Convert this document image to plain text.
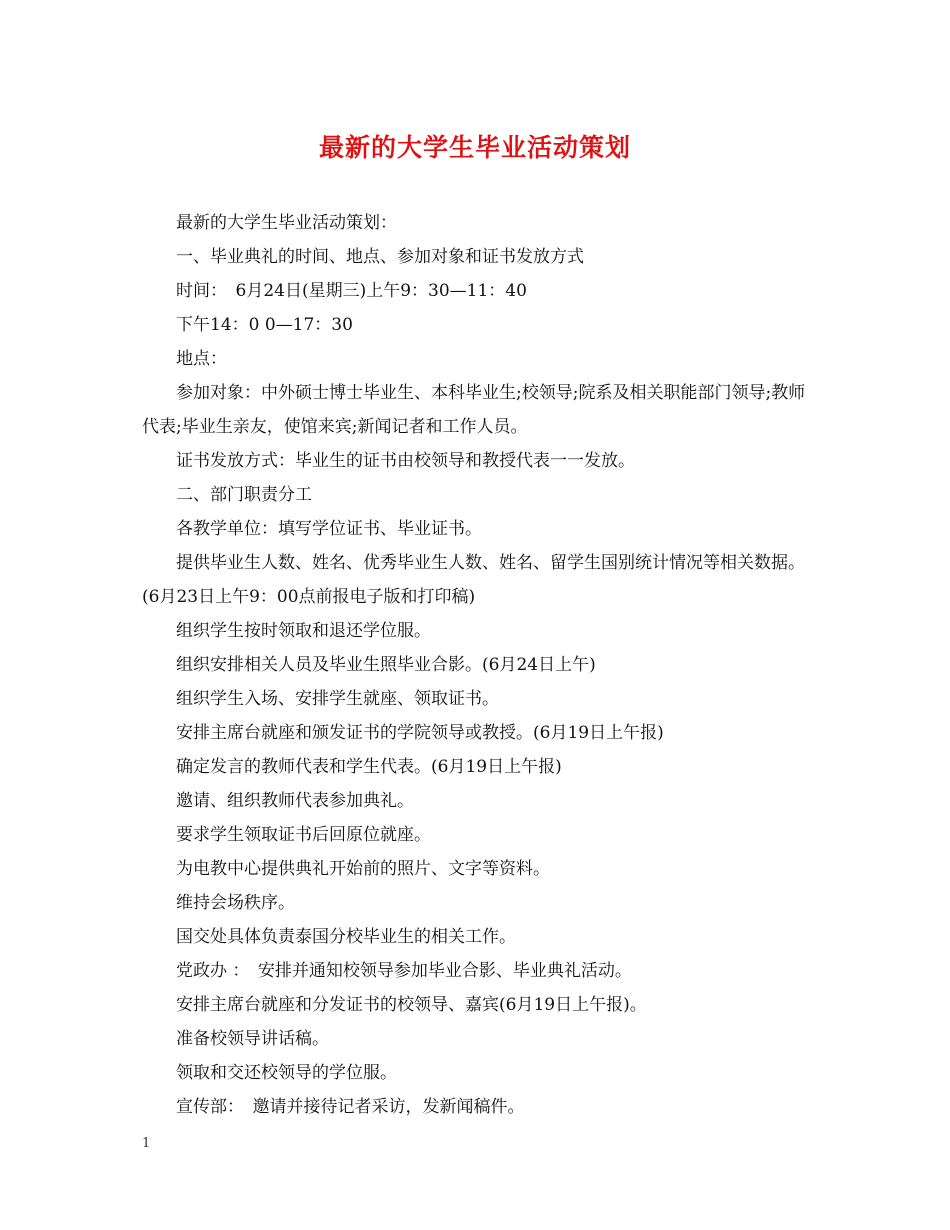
最新的大学生毕业活动策划

最新的大学生毕业活动策划：

一、毕业典礼的时间、地点、参加对象和证书发放方式

时间：　6月24日(星期三)上午9：30—11：40

下午14：0 0—17：30

地点：

参加对象：中外硕士博士毕业生、本科毕业生;校领导;院系及相关职能部门领导;教师代表;毕业生亲友，使馆来宾;新闻记者和工作人员。

证书发放方式：毕业生的证书由校领导和教授代表一一发放。

二、部门职责分工

各教学单位：填写学位证书、毕业证书。

提供毕业生人数、姓名、优秀毕业生人数、姓名、留学生国别统计情况等相关数据。(6月23日上午9：00点前报电子版和打印稿)

组织学生按时领取和退还学位服。

组织安排相关人员及毕业生照毕业合影。(6月24日上午)

组织学生入场、安排学生就座、领取证书。

安排主席台就座和颁发证书的学院领导或教授。(6月19日上午报)

确定发言的教师代表和学生代表。(6月19日上午报)

邀请、组织教师代表参加典礼。

要求学生领取证书后回原位就座。

为电教中心提供典礼开始前的照片、文字等资料。

维持会场秩序。

国交处具体负责泰国分校毕业生的相关工作。

党政办 ：　安排并通知校领导参加毕业合影、毕业典礼活动。

安排主席台就座和分发证书的校领导、嘉宾(6月19日上午报)。

准备校领导讲话稿。

领取和交还校领导的学位服。

宣传部：　邀请并接待记者采访，发新闻稿件。

1
